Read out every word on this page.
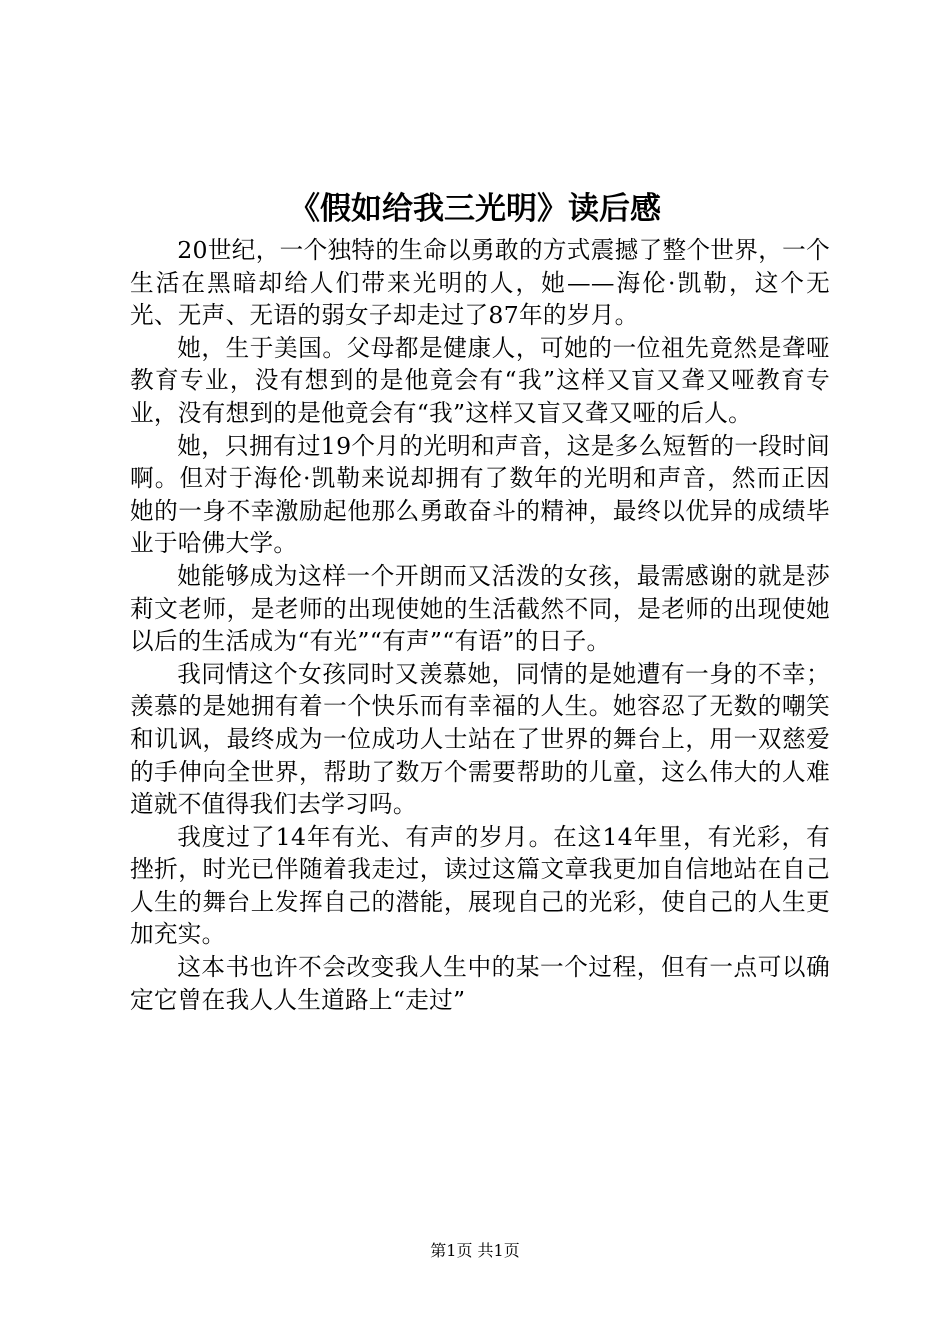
《假如给我三光明》读后感

20世纪，一个独特的生命以勇敢的方式震撼了整个世界，一个生活在黑暗却给人们带来光明的人，她——海伦·凯勒，这个无光、无声、无语的弱女子却走过了87年的岁月。

她，生于美国。父母都是健康人，可她的一位祖先竟然是聋哑教育专业，没有想到的是他竟会有“我”这样又盲又聋又哑教育专业，没有想到的是他竟会有“我”这样又盲又聋又哑的后人。

她，只拥有过19个月的光明和声音，这是多么短暂的一段时间啊。但对于海伦·凯勒来说却拥有了数年的光明和声音，然而正因她的一身不幸激励起他那么勇敢奋斗的精神，最终以优异的成绩毕业于哈佛大学。

她能够成为这样一个开朗而又活泼的女孩，最需感谢的就是莎莉文老师，是老师的出现使她的生活截然不同，是老师的出现使她以后的生活成为“有光”“有声”“有语”的日子。

我同情这个女孩同时又羡慕她，同情的是她遭有一身的不幸；羡慕的是她拥有着一个快乐而有幸福的人生。她容忍了无数的嘲笑和讥讽，最终成为一位成功人士站在了世界的舞台上，用一双慈爱的手伸向全世界，帮助了数万个需要帮助的儿童，这么伟大的人难道就不值得我们去学习吗。

我度过了14年有光、有声的岁月。在这14年里，有光彩，有挫折，时光已伴随着我走过，读过这篇文章我更加自信地站在自己人生的舞台上发挥自己的潜能，展现自己的光彩，使自己的人生更加充实。

这本书也许不会改变我人生中的某一个过程，但有一点可以确定它曾在我人人生道路上“走过”

第1页 共1页
